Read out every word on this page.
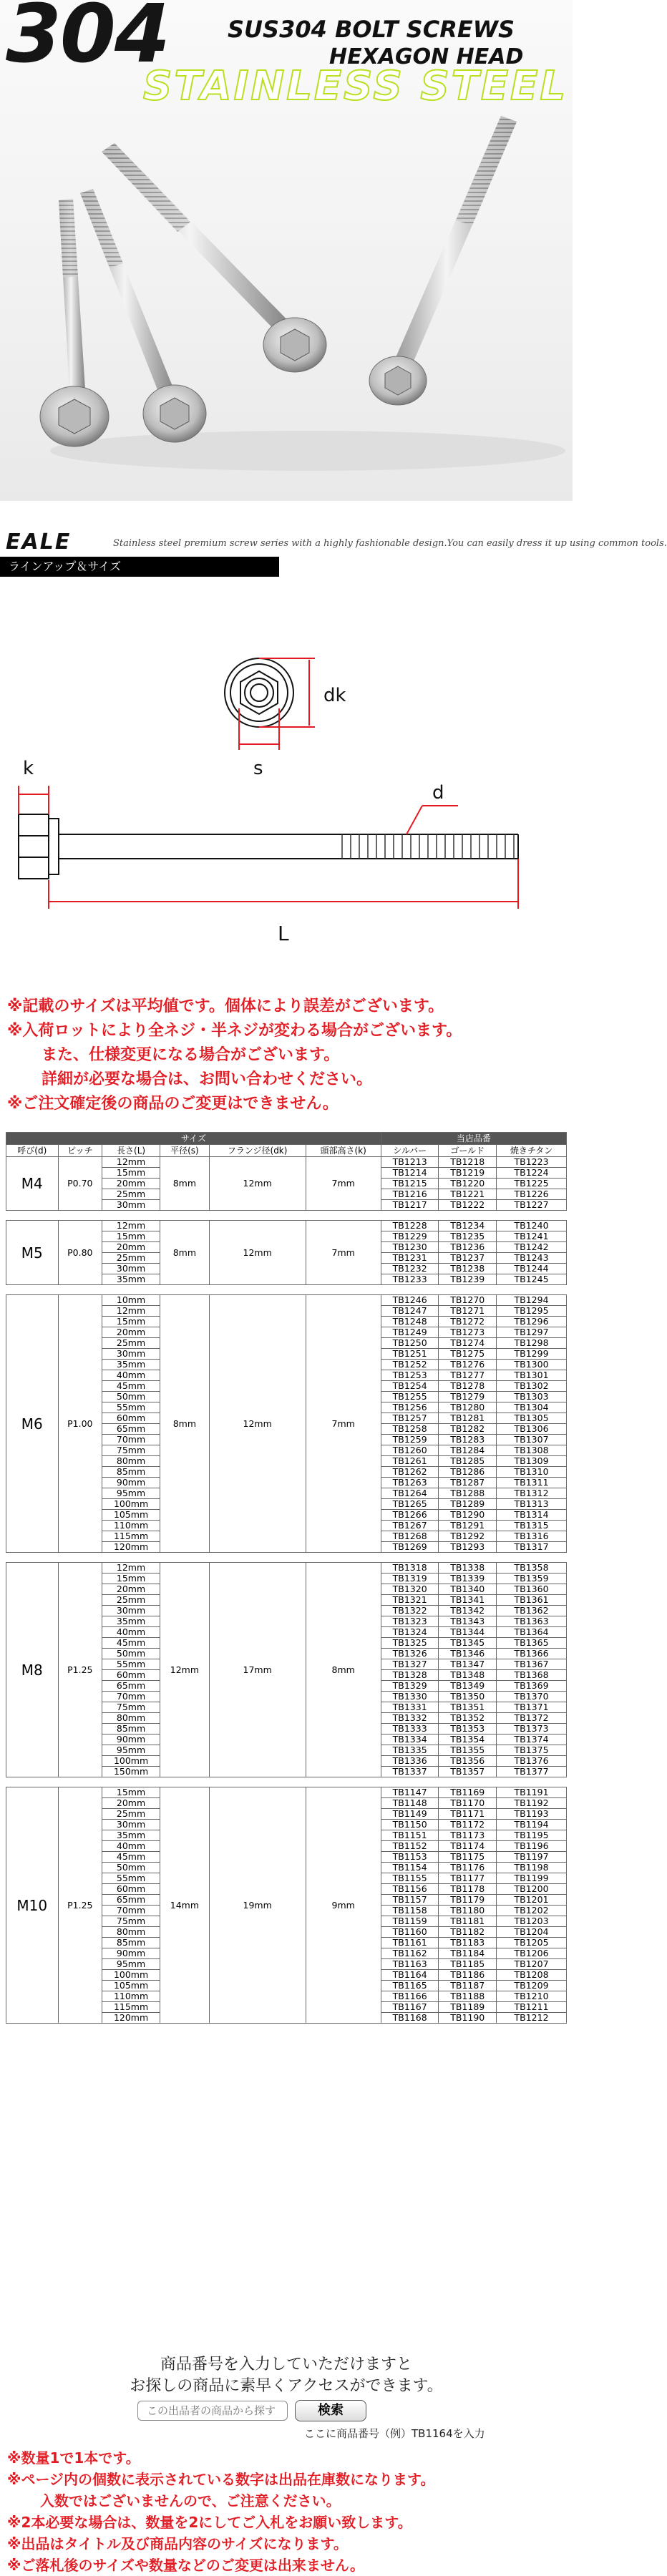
304	SUS304 BOLT SCREWS
HEXAGON HEAD
STAINLESS STEEL
EALE	Stainless steel premium screw series with a highly fashionable design.You can easily dress it up using common tools.
ラインアップ＆サイズ
dk
s
k
d
L
※記載のサイズは平均値です。個体により誤差がございます。
※入荷ロットにより全ネジ・半ネジが変わる場合がございます。
また、仕様変更になる場合がございます。
詳細が必要な場合は、お問い合わせください。
※ご注文確定後の商品のご変更はできません。
サイズ						当店品番		
呼び(d)	ピッチ	長さ(L)	平径(s)	フランジ径(dk)	頭部高さ(k)	シルバー	ゴールド	焼きチタン
M4	P0.70	12mm	8mm	12mm	7mm	TB1213	TB1218	TB1223
		15mm				TB1214	TB1219	TB1224
		20mm				TB1215	TB1220	TB1225
		25mm				TB1216	TB1221	TB1226
		30mm				TB1217	TB1222	TB1227

M5	P0.80	12mm	8mm	12mm	7mm	TB1228	TB1234	TB1240
		15mm				TB1229	TB1235	TB1241
		20mm				TB1230	TB1236	TB1242
		25mm				TB1231	TB1237	TB1243
		30mm				TB1232	TB1238	TB1244
		35mm				TB1233	TB1239	TB1245

M6	P1.00	10mm	8mm	12mm	7mm	TB1246	TB1270	TB1294
		12mm				TB1247	TB1271	TB1295
		15mm				TB1248	TB1272	TB1296
		20mm				TB1249	TB1273	TB1297
		25mm				TB1250	TB1274	TB1298
		30mm				TB1251	TB1275	TB1299
		35mm				TB1252	TB1276	TB1300
		40mm				TB1253	TB1277	TB1301
		45mm				TB1254	TB1278	TB1302
		50mm				TB1255	TB1279	TB1303
		55mm				TB1256	TB1280	TB1304
		60mm				TB1257	TB1281	TB1305
		65mm				TB1258	TB1282	TB1306
		70mm				TB1259	TB1283	TB1307
		75mm				TB1260	TB1284	TB1308
		80mm				TB1261	TB1285	TB1309
		85mm				TB1262	TB1286	TB1310
		90mm				TB1263	TB1287	TB1311
		95mm				TB1264	TB1288	TB1312
		100mm				TB1265	TB1289	TB1313
		105mm				TB1266	TB1290	TB1314
		110mm				TB1267	TB1291	TB1315
		115mm				TB1268	TB1292	TB1316
		120mm				TB1269	TB1293	TB1317

M8	P1.25	12mm	12mm	17mm	8mm	TB1318	TB1338	TB1358
		15mm				TB1319	TB1339	TB1359
		20mm				TB1320	TB1340	TB1360
		25mm				TB1321	TB1341	TB1361
		30mm				TB1322	TB1342	TB1362
		35mm				TB1323	TB1343	TB1363
		40mm				TB1324	TB1344	TB1364
		45mm				TB1325	TB1345	TB1365
		50mm				TB1326	TB1346	TB1366
		55mm				TB1327	TB1347	TB1367
		60mm				TB1328	TB1348	TB1368
		65mm				TB1329	TB1349	TB1369
		70mm				TB1330	TB1350	TB1370
		75mm				TB1331	TB1351	TB1371
		80mm				TB1332	TB1352	TB1372
		85mm				TB1333	TB1353	TB1373
		90mm				TB1334	TB1354	TB1374
		95mm				TB1335	TB1355	TB1375
		100mm				TB1336	TB1356	TB1376
		150mm				TB1337	TB1357	TB1377

M10	P1.25	15mm	14mm	19mm	9mm	TB1147	TB1169	TB1191
		20mm				TB1148	TB1170	TB1192
		25mm				TB1149	TB1171	TB1193
		30mm				TB1150	TB1172	TB1194
		35mm				TB1151	TB1173	TB1195
		40mm				TB1152	TB1174	TB1196
		45mm				TB1153	TB1175	TB1197
		50mm				TB1154	TB1176	TB1198
		55mm				TB1155	TB1177	TB1199
		60mm				TB1156	TB1178	TB1200
		65mm				TB1157	TB1179	TB1201
		70mm				TB1158	TB1180	TB1202
		75mm				TB1159	TB1181	TB1203
		80mm				TB1160	TB1182	TB1204
		85mm				TB1161	TB1183	TB1205
		90mm				TB1162	TB1184	TB1206
		95mm				TB1163	TB1185	TB1207
		100mm				TB1164	TB1186	TB1208
		105mm				TB1165	TB1187	TB1209
		110mm				TB1166	TB1188	TB1210
		115mm				TB1167	TB1189	TB1211
		120mm				TB1168	TB1190	TB1212
商品番号を入力していただけますと
お探しの商品に素早くアクセスができます。
この出品者の商品から探す
検索
ここに商品番号（例）TB1164を入力
※数量1で1本です。
※ページ内の個数に表示されている数字は出品在庫数になります。
入数ではございませんので、ご注意ください。
※2本必要な場合は、数量を2にしてご入札をお願い致します。
※出品はタイトル及び商品内容のサイズになります。
※ご落札後のサイズや数量などのご変更は出来ません。
